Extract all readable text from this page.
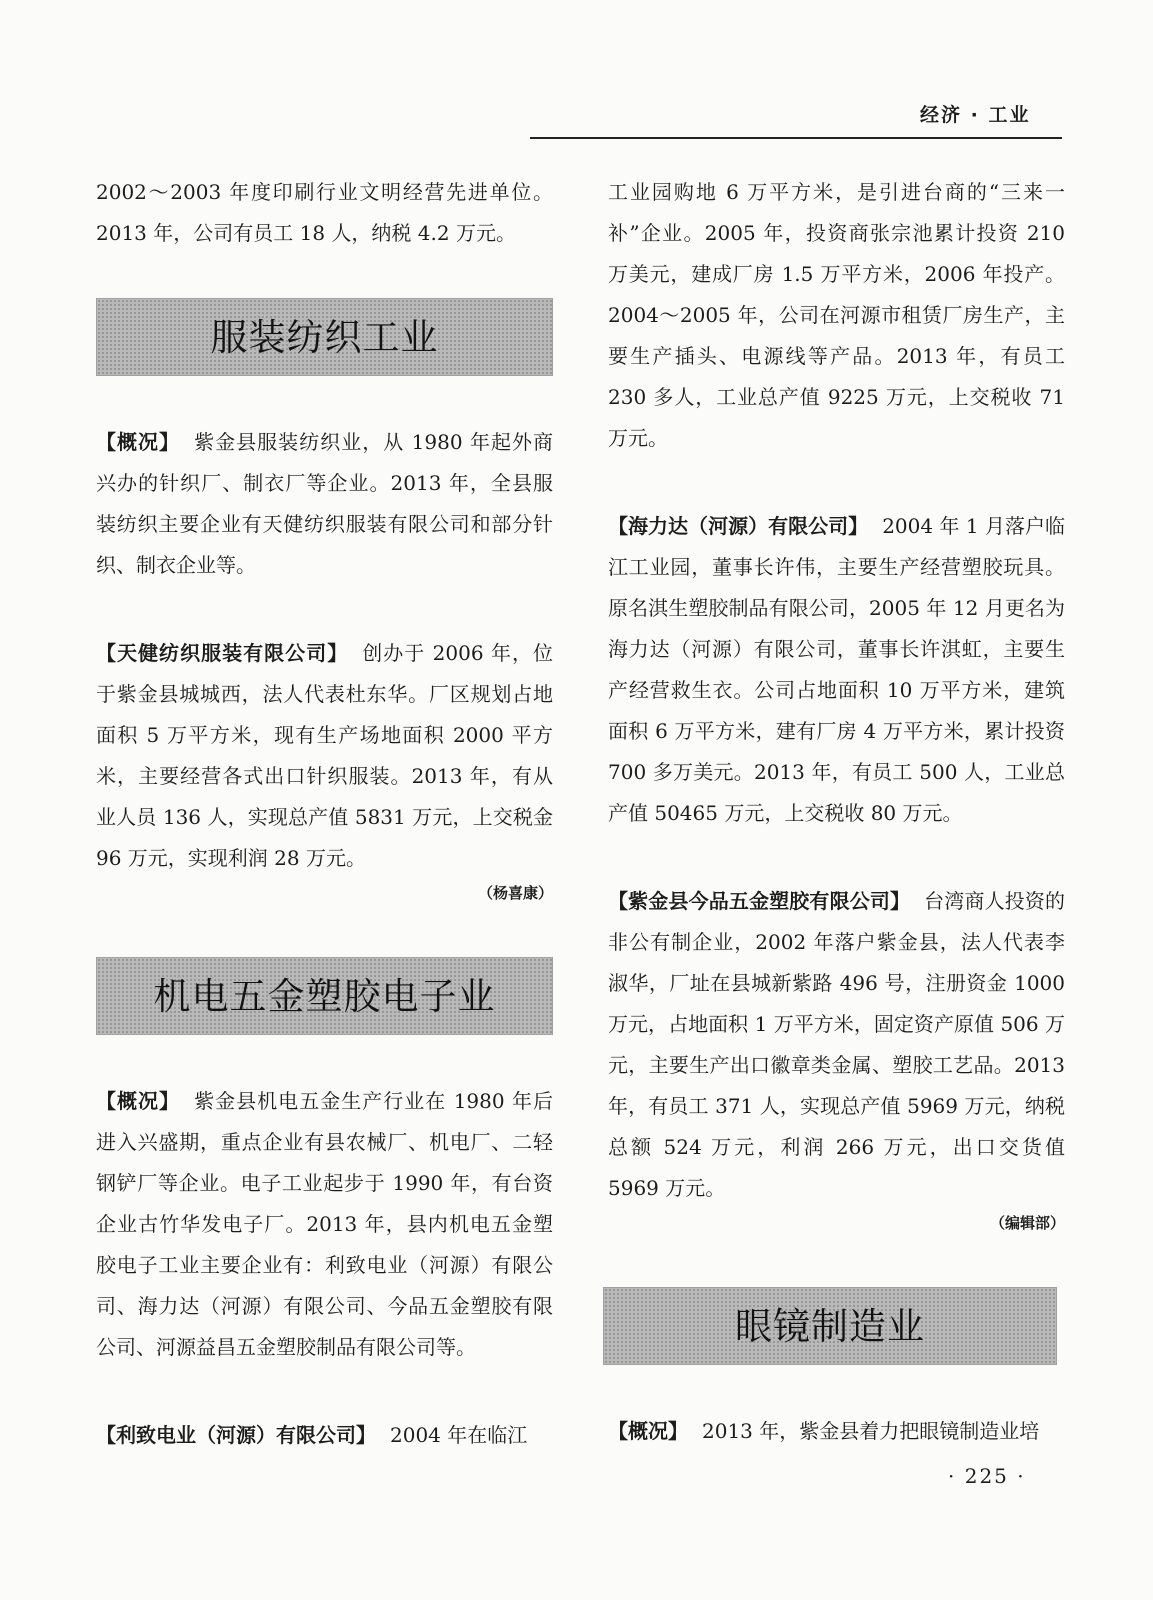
经济 · 工业

2002～2003 年度印刷行业文明经营先进单位。2013 年，公司有员工 18 人，纳税 4.2 万元。

服装纺织工业

【概况】 紫金县服装纺织业，从 1980 年起外商兴办的针织厂、制衣厂等企业。2013 年，全县服装纺织主要企业有天健纺织服装有限公司和部分针织、制衣企业等。

【天健纺织服装有限公司】 创办于 2006 年，位于紫金县城城西，法人代表杜东华。厂区规划占地面积 5 万平方米，现有生产场地面积 2000 平方米，主要经营各式出口针织服装。2013 年，有从业人员 136 人，实现总产值 5831 万元，上交税金 96 万元，实现利润 28 万元。

（杨喜康）
机电五金塑胶电子业

【概况】 紫金县机电五金生产行业在 1980 年后进入兴盛期，重点企业有县农械厂、机电厂、二轻钢铲厂等企业。电子工业起步于 1990 年，有台资企业古竹华发电子厂。2013 年，县内机电五金塑胶电子工业主要企业有：利致电业（河源）有限公司、海力达（河源）有限公司、今品五金塑胶有限公司、河源益昌五金塑胶制品有限公司等。

【利致电业（河源）有限公司】 2004 年在临江

工业园购地 6 万平方米，是引进台商的“三来一补”企业。2005 年，投资商张宗池累计投资 210 万美元，建成厂房 1.5 万平方米，2006 年投产。2004～2005 年，公司在河源市租赁厂房生产，主要生产插头、电源线等产品。2013 年，有员工 230 多人，工业总产值 9225 万元，上交税收 71 万元。

【海力达（河源）有限公司】 2004 年 1 月落户临江工业园，董事长许伟，主要生产经营塑胶玩具。原名淇生塑胶制品有限公司，2005 年 12 月更名为海力达（河源）有限公司，董事长许淇虹，主要生产经营救生衣。公司占地面积 10 万平方米，建筑面积 6 万平方米，建有厂房 4 万平方米，累计投资 700 多万美元。2013 年，有员工 500 人，工业总产值 50465 万元，上交税收 80 万元。

【紫金县今品五金塑胶有限公司】 台湾商人投资的非公有制企业，2002 年落户紫金县，法人代表李淑华，厂址在县城新紫路 496 号，注册资金 1000 万元，占地面积 1 万平方米，固定资产原值 506 万元，主要生产出口徽章类金属、塑胶工艺品。2013 年，有员工 371 人，实现总产值 5969 万元，纳税总额 524 万元，利润 266 万元，出口交货值 5969 万元。

（编辑部）
眼镜制造业

【概况】 2013 年，紫金县着力把眼镜制造业培

· 225 ·
